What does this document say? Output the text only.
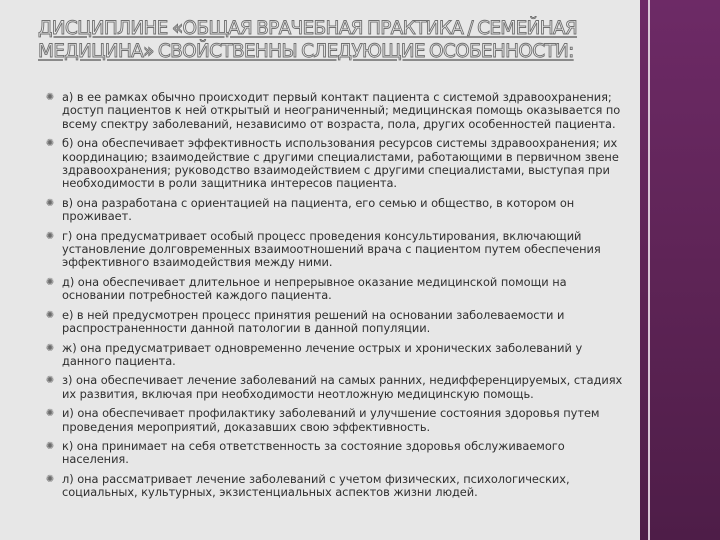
ДИСЦИПЛИНЕ «ОБЩАЯ ВРАЧЕБНАЯ ПРАКТИКА / СЕМЕЙНАЯ МЕДИЦИНА» СВОЙСТВЕННЫ СЛЕДУЮЩИЕ ОСОБЕННОСТИ:
✺ а) в ее рамках обычно происходит первый контакт пациента с системой здравоохранения; доступ пациентов к ней открытый и неограниченный; медицинская помощь оказывается по всему спектру заболеваний, независимо от возраста, пола, других особенностей пациента.
✺ б) она обеспечивает эффективность использования ресурсов системы здравоохранения; их координацию; взаимодействие с другими специалистами, работающими в первичном звене здравоохранения; руководство взаимодействием с другими специалистами, выступая при необходимости в роли защитника интересов пациента.
✺ в) она разработана с ориентацией на пациента, его семью и общество, в котором он проживает.
✺ г) она предусматривает особый процесс проведения консультирования, включающий установление долговременных взаимоотношений врача с пациентом путем обеспечения эффективного взаимодействия между ними.
✺ д) она обеспечивает длительное и непрерывное оказание медицинской помощи на основании потребностей каждого пациента.
✺ е) в ней предусмотрен процесс принятия решений на основании заболеваемости и распространенности данной патологии в данной популяции.
✺ ж) она предусматривает одновременно лечение острых и хронических заболеваний у данного пациента.
✺ з) она обеспечивает лечение заболеваний на самых ранних, недифференцируемых, стадиях их развития, включая при необходимости неотложную медицинскую помощь.
✺ и) она обеспечивает профилактику заболеваний и улучшение состояния здоровья путем проведения мероприятий, доказавших свою эффективность.
✺ к) она принимает на себя ответственность за состояние здоровья обслуживаемого населения.
✺ л) она рассматривает лечение заболеваний с учетом физических, психологических, социальных, культурных, экзистенциальных аспектов жизни людей.
